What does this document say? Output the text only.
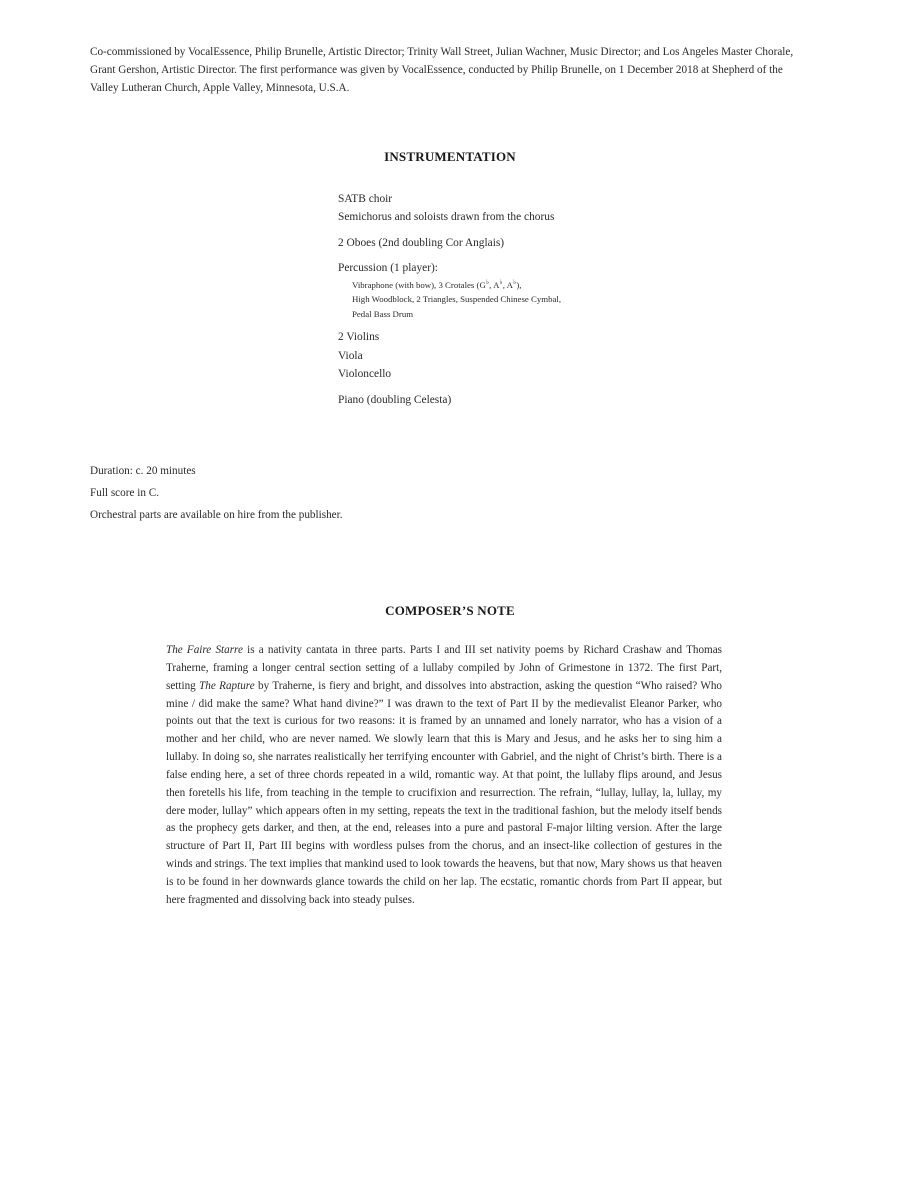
Co-commissioned by VocalEssence, Philip Brunelle, Artistic Director; Trinity Wall Street, Julian Wachner, Music Director; and Los Angeles Master Chorale, Grant Gershon, Artistic Director. The first performance was given by VocalEssence, conducted by Philip Brunelle, on 1 December 2018 at Shepherd of the Valley Lutheran Church, Apple Valley, Minnesota, U.S.A.
INSTRUMENTATION
SATB choir
Semichorus and soloists drawn from the chorus
2 Oboes (2nd doubling Cor Anglais)
Percussion (1 player):
Vibraphone (with bow), 3 Crotales (G♭, A♭, A♭),
High Woodblock, 2 Triangles, Suspended Chinese Cymbal,
Pedal Bass Drum
2 Violins
Viola
Violoncello
Piano (doubling Celesta)
Duration: c. 20 minutes
Full score in C.
Orchestral parts are available on hire from the publisher.
COMPOSER’S NOTE
The Faire Starre is a nativity cantata in three parts. Parts I and III set nativity poems by Richard Crashaw and Thomas Traherne, framing a longer central section setting of a lullaby compiled by John of Grimestone in 1372. The first Part, setting The Rapture by Traherne, is fiery and bright, and dissolves into abstraction, asking the question “Who raised? Who mine / did make the same? What hand divine?” I was drawn to the text of Part II by the medievalist Eleanor Parker, who points out that the text is curious for two reasons: it is framed by an unnamed and lonely narrator, who has a vision of a mother and her child, who are never named. We slowly learn that this is Mary and Jesus, and he asks her to sing him a lullaby. In doing so, she narrates realistically her terrifying encounter with Gabriel, and the night of Christ’s birth. There is a false ending here, a set of three chords repeated in a wild, romantic way. At that point, the lullaby flips around, and Jesus then foretells his life, from teaching in the temple to crucifixion and resurrection. The refrain, “lullay, lullay, la, lullay, my dere moder, lullay” which appears often in my setting, repeats the text in the traditional fashion, but the melody itself bends as the prophecy gets darker, and then, at the end, releases into a pure and pastoral F-major lilting version. After the large structure of Part II, Part III begins with wordless pulses from the chorus, and an insect-like collection of gestures in the winds and strings. The text implies that mankind used to look towards the heavens, but that now, Mary shows us that heaven is to be found in her downwards glance towards the child on her lap. The ecstatic, romantic chords from Part II appear, but here fragmented and dissolving back into steady pulses.
